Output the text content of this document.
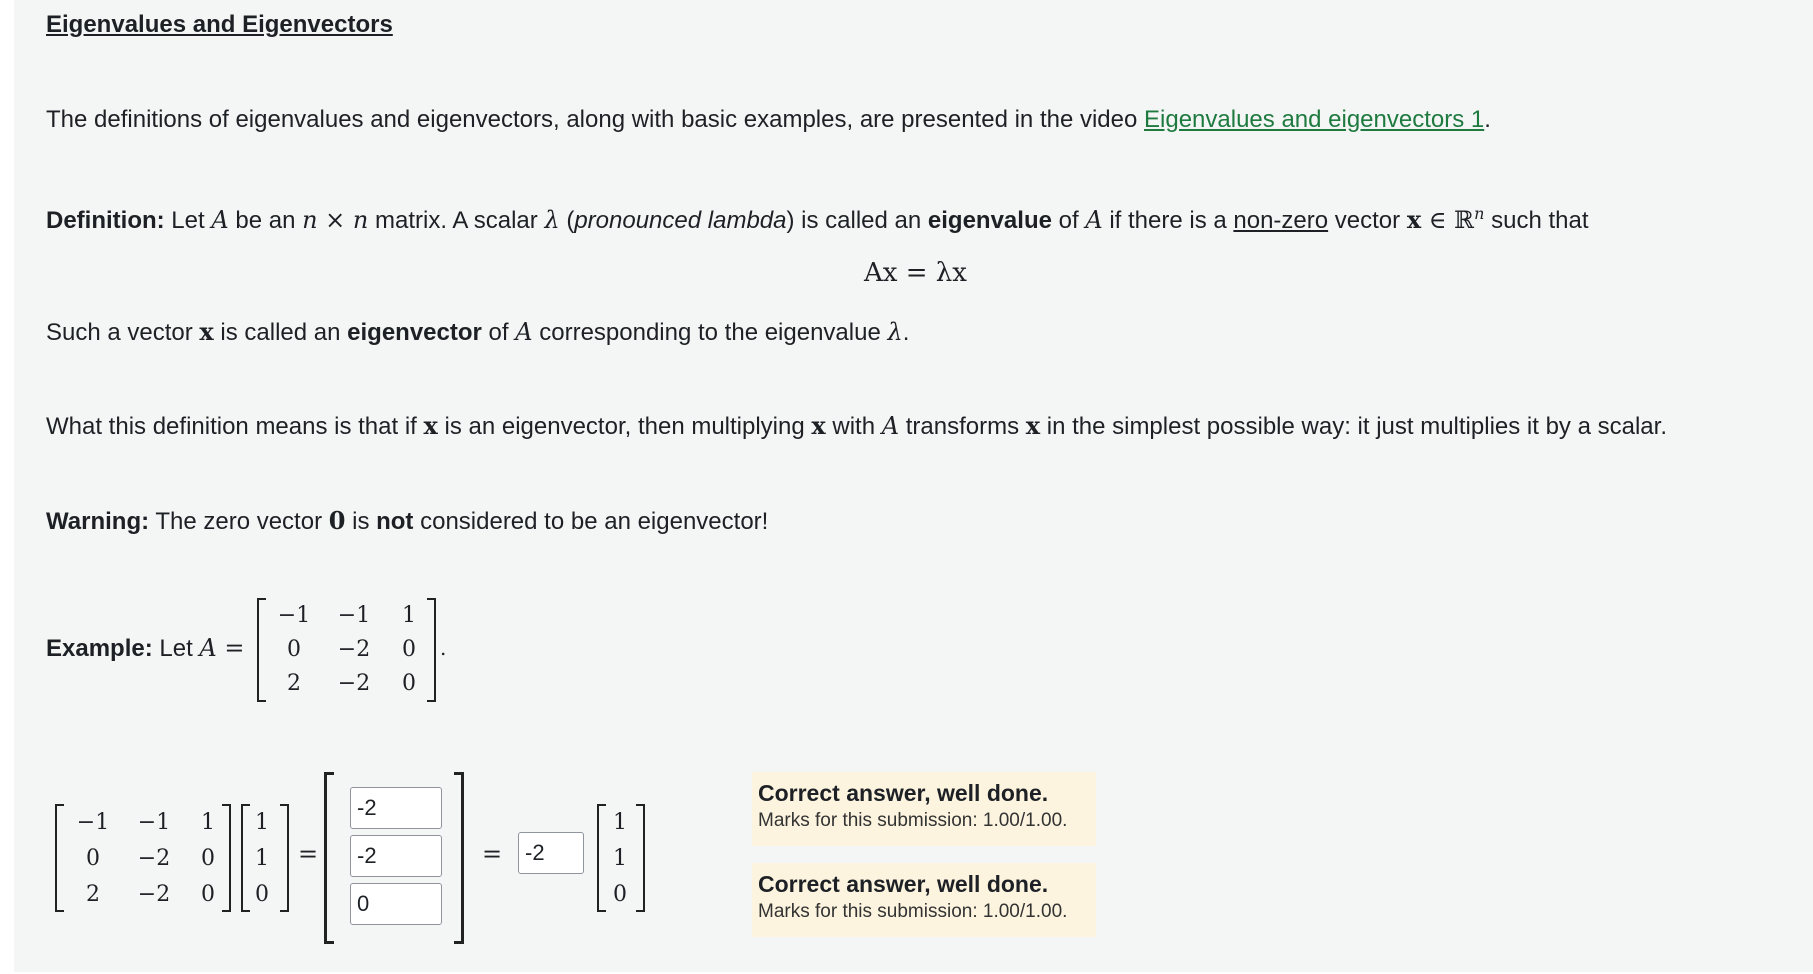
Eigenvalues and Eigenvectors
The definitions of eigenvalues and eigenvectors, along with basic examples, are presented in the video Eigenvalues and eigenvectors 1.
Definition: Let A be an n × n matrix. A scalar λ (pronounced lambda) is called an eigenvalue of A if there is a non-zero vector x ∈ ℝ$^n$ such that
Ax = λx
Such a vector x is called an eigenvector of A corresponding to the eigenvalue λ.
What this definition means is that if x is an eigenvector, then multiplying x with A transforms x in the simplest possible way: it just multiplies it by a scalar.
Warning: The zero vector 0 is not considered to be an eigenvector!
Example: Let A =
−1	−1	1
0	−2	0
2	−2	0
.
−1	−1	1
0	−2	0
2	−2	0
1
1
0
=
-2
-2
0	=
-2
1
1
0
Correct answer, well done.
Marks for this submission: 1.00/1.00.
Correct answer, well done.
Marks for this submission: 1.00/1.00.
